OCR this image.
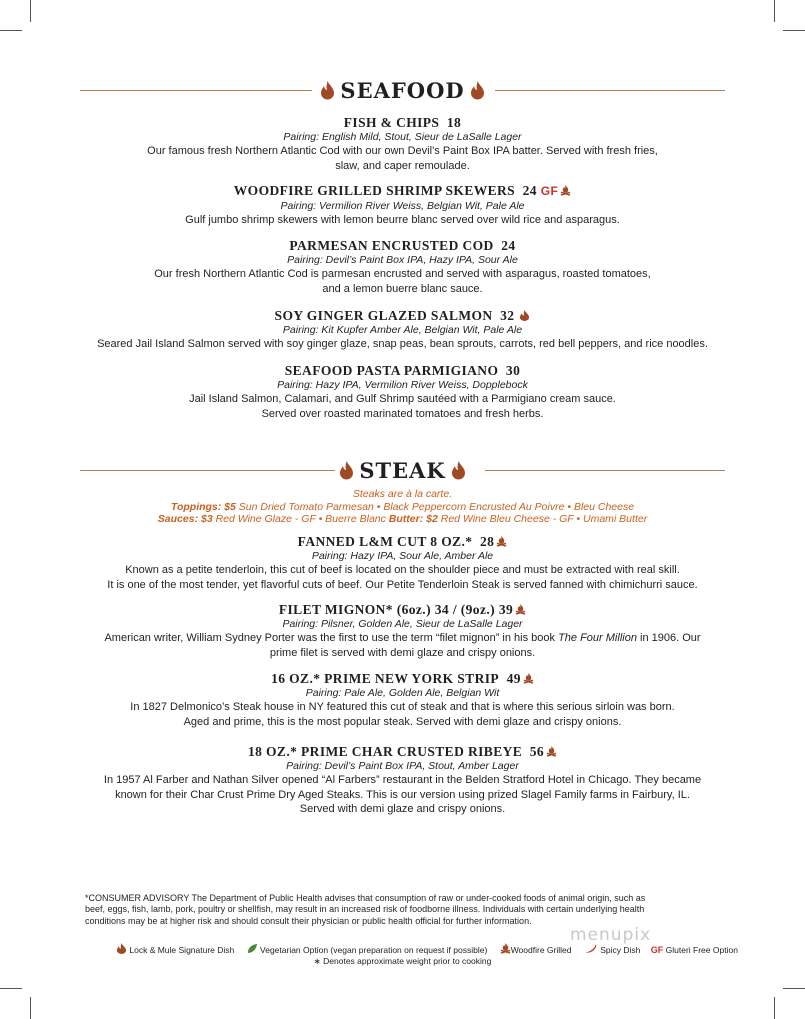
SEAFOOD
FISH & CHIPS 18
Pairing: English Mild, Stout, Sieur de LaSalle Lager
Our famous fresh Northern Atlantic Cod with our own Devil’s Paint Box IPA batter. Served with fresh fries,
slaw, and caper remoulade.
WOODFIRE GRILLED SHRIMP SKEWERS 24 GF
Pairing: Vermilion River Weiss, Belgian Wit, Pale Ale
Gulf jumbo shrimp skewers with lemon beurre blanc served over wild rice and asparagus.
PARMESAN ENCRUSTED COD 24
Pairing: Devil’s Paint Box IPA, Hazy IPA, Sour Ale
Our fresh Northern Atlantic Cod is parmesan encrusted and served with asparagus, roasted tomatoes,
and a lemon buerre blanc sauce.
SOY GINGER GLAZED SALMON 32
Pairing: Kit Kupfer Amber Ale, Belgian Wit, Pale Ale
Seared Jail Island Salmon served with soy ginger glaze, snap peas, bean sprouts, carrots, red bell peppers, and rice noodles.
SEAFOOD PASTA PARMIGIANO 30
Pairing: Hazy IPA, Vermilion River Weiss, Dopplebock
Jail Island Salmon, Calamari, and Gulf Shrimp sautéed with a Parmigiano cream sauce.
Served over roasted marinated tomatoes and fresh herbs.
STEAK
Steaks are à la carte.
Toppings: $5 Sun Dried Tomato Parmesan • Black Peppercorn Encrusted Au Poivre • Bleu Cheese
Sauces: $3 Red Wine Glaze - GF • Buerre Blanc Butter: $2 Red Wine Bleu Cheese - GF • Umami Butter
FANNED L&M CUT 8 OZ.* 28
Pairing: Hazy IPA, Sour Ale, Amber Ale
Known as a petite tenderloin, this cut of beef is located on the shoulder piece and must be extracted with real skill.
It is one of the most tender, yet flavorful cuts of beef. Our Petite Tenderloin Steak is served fanned with chimichurri sauce.
FILET MIGNON* (6oz.) 34 / (9oz.) 39
Pairing: Pilsner, Golden Ale, Sieur de LaSalle Lager
American writer, William Sydney Porter was the first to use the term “filet mignon” in his book The Four Million in 1906. Our
prime filet is served with demi glaze and crispy onions.
16 OZ.* PRIME NEW YORK STRIP 49
Pairing: Pale Ale, Golden Ale, Belgian Wit
In 1827 Delmonico’s Steak house in NY featured this cut of steak and that is where this serious sirloin was born.
Aged and prime, this is the most popular steak. Served with demi glaze and crispy onions.
18 OZ.* PRIME CHAR CRUSTED RIBEYE 56
Pairing: Devil’s Paint Box IPA, Stout, Amber Lager
In 1957 Al Farber and Nathan Silver opened “Al Farbers” restaurant in the Belden Stratford Hotel in Chicago. They became
known for their Char Crust Prime Dry Aged Steaks. This is our version using prized Slagel Family farms in Fairbury, IL.
Served with demi glaze and crispy onions.
*CONSUMER ADVISORY The Department of Public Health advises that consumption of raw or under-cooked foods of animal origin, such as
beef, eggs, fish, lamb, pork, poultry or shellfish, may result in an increased risk of foodborne illness. Individuals with certain underlying health
conditions may be at higher risk and should consult their physician or public health official for further information.
menupix
Lock & Mule Signature Dish	Vegetarian Option (vegan preparation on request if possible)	Woodfire Grilled	Spicy Dish GF Gluteri Free Option
∗ Denotes approximate weight prior to cooking
